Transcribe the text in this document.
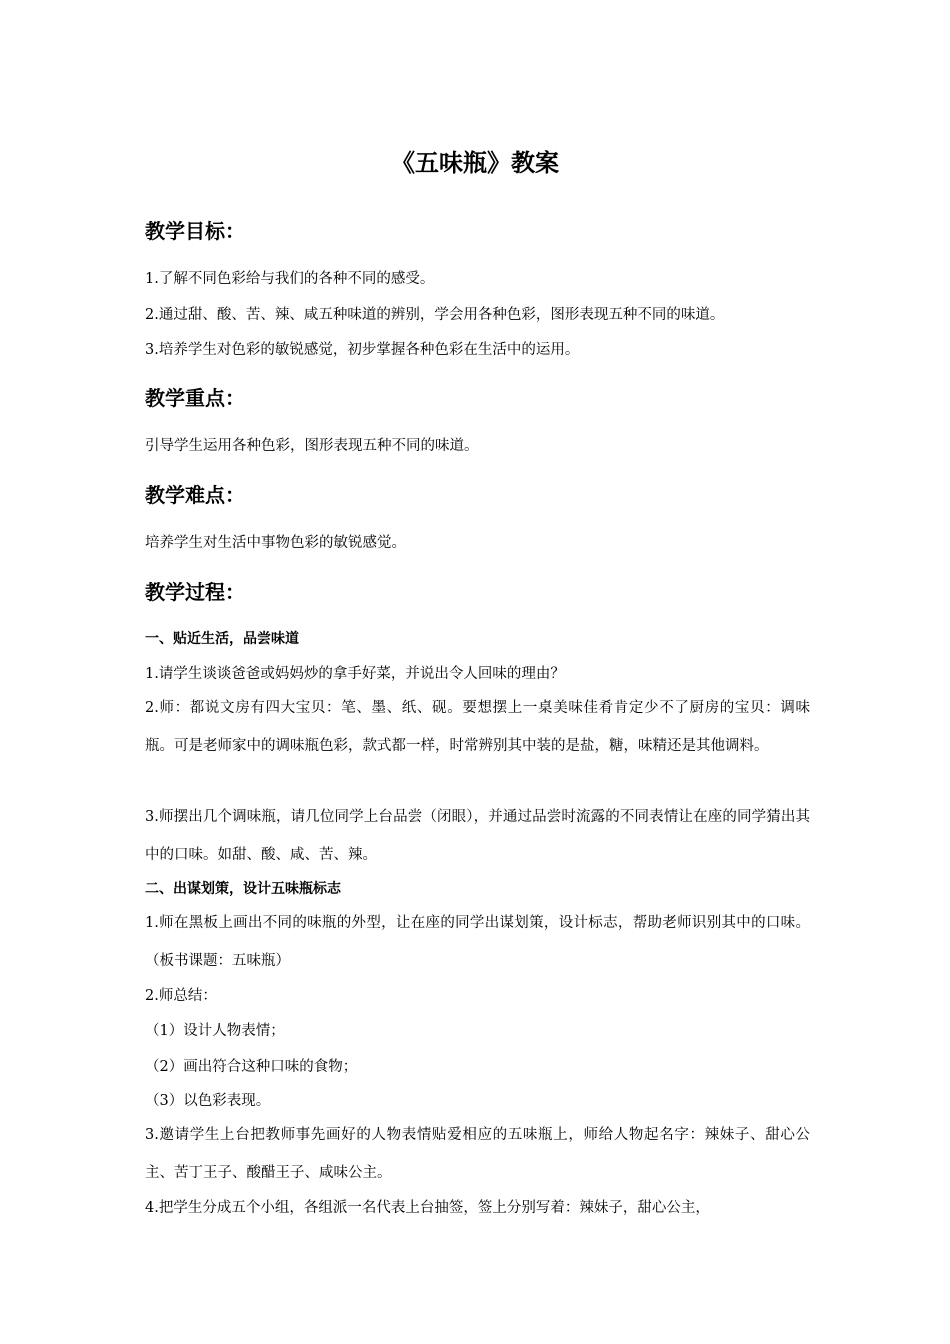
《五味瓶》教案
教学目标：
1.了解不同色彩给与我们的各种不同的感受。
2.通过甜、酸、苦、辣、咸五种味道的辨别，学会用各种色彩，图形表现五种不同的味道。
3.培养学生对色彩的敏锐感觉，初步掌握各种色彩在生活中的运用。
教学重点：
引导学生运用各种色彩，图形表现五种不同的味道。
教学难点：
培养学生对生活中事物色彩的敏锐感觉。
教学过程：
一、贴近生活，品尝味道
1.请学生谈谈爸爸或妈妈炒的拿手好菜，并说出令人回味的理由？
2.师：都说文房有四大宝贝：笔、墨、纸、砚。要想摆上一桌美味佳肴肯定少不了厨房的宝贝：调味瓶。可是老师家中的调味瓶色彩，款式都一样，时常辨别其中装的是盐，糖，味精还是其他调料。
3.师摆出几个调味瓶，请几位同学上台品尝（闭眼），并通过品尝时流露的不同表情让在座的同学猜出其中的口味。如甜、酸、咸、苦、辣。
二、出谋划策，设计五味瓶标志
1.师在黑板上画出不同的味瓶的外型，让在座的同学出谋划策，设计标志，帮助老师识别其中的口味。（板书课题：五味瓶）
2.师总结：
（1）设计人物表情；
（2）画出符合这种口味的食物；
（3）以色彩表现。
3.邀请学生上台把教师事先画好的人物表情贴爱相应的五味瓶上，师给人物起名字：辣妹子、甜心公主、苦丁王子、酸醋王子、咸味公主。
4.把学生分成五个小组，各组派一名代表上台抽签，签上分别写着：辣妹子，甜心公主，
